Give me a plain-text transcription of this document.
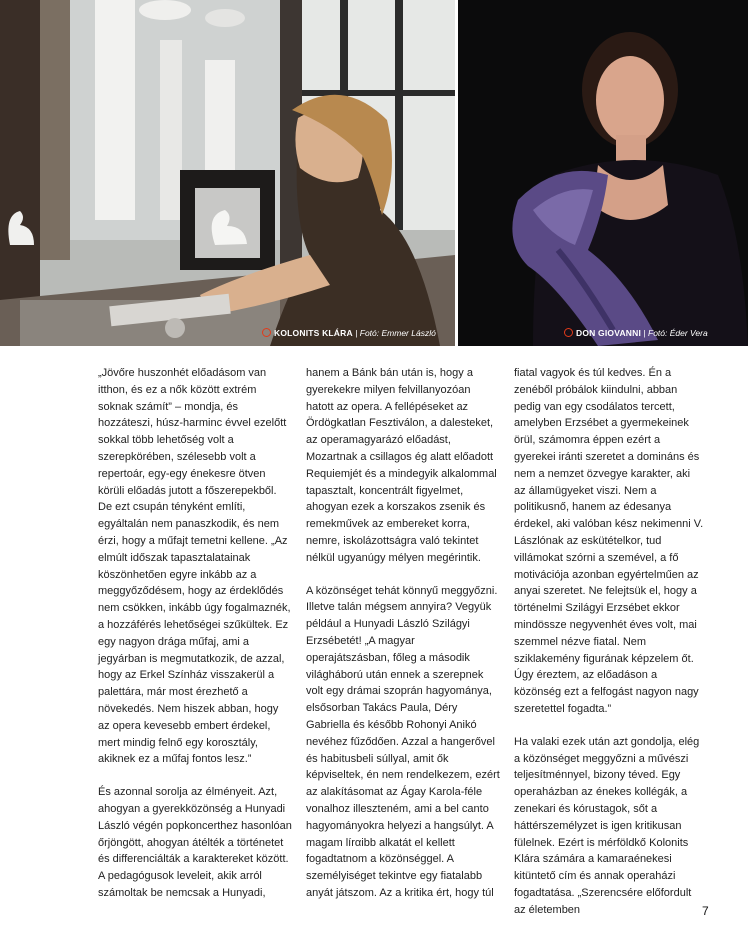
KOLONITS KLÁRA | Fotó: Emmer László	DON GIOVANNI | Fotó: Éder Vera

„Jövőre huszonhét előadásom van itthon, és ez a nők között extrém soknak számít” – mondja, és hozzáteszi, húsz-harminc évvel ezelőtt sokkal több lehetőség volt a szerepkörében, szélesebb volt a repertoár, egy-egy énekesre ötven körüli előadás jutott a főszerepekből. De ezt csupán tényként említi, egyáltalán nem panaszkodik, és nem érzi, hogy a műfajt temetni kellene. „Az elmúlt időszak tapasztalatainak köszönhetően egyre inkább az a meggyőződésem, hogy az érdeklődés nem csökken, inkább úgy fogalmaznék, a hozzáférés lehetőségei szűkültek. Ez egy nagyon drága műfaj, ami a jegyárban is megmutatkozik, de azzal, hogy az Erkel Színház visszakerül a palettára, már most érezhető a növekedés. Nem hiszek abban, hogy az opera kevesebb embert érdekel, mert mindig felnő egy korosztály, akiknek ez a műfaj fontos lesz.”

És azonnal sorolja az élményeit. Azt, ahogyan a gyerekközönség a Hunyadi László végén popkoncerthez hasonlóan őrjöngött, ahogyan átélték a történetet és differenciálták a karaktereket között. A pedagógusok leveleit, akik arról számoltak be nemcsak a Hunyadi,

hanem a Bánk bán után is, hogy a gyerekekre milyen felvillanyozóan hatott az opera. A fellépéseket az Ördögkatlan Fesztiválon, a dalesteket, az operamagyarázó előadást, Mozartnak a csillagos ég alatt előadott Requiemjét és a mindegyik alkalommal tapasztalt, koncentrált figyelmet, ahogyan ezek a korszakos zsenik és remekművek az embereket korra, nemre, iskolázottságra való tekintet nélkül ugyanúgy mélyen megérintik.

A közönséget tehát könnyű meggyőzni. Illetve talán mégsem annyira? Vegyük például a Hunyadi László Szilágyi Erzsébetét! „A magyar operajátszásban, főleg a második világháború után ennek a szerepnek volt egy drámai szoprán hagyománya, elsősorban Takács Paula, Déry Gabriella és később Rohonyi Anikó nevéhez fűződően. Azzal a hangerővel és habitusbeli súllyal, amit ők képviseltek, én nem rendelkezem, ezért az alakításomat az Ágay Karola-féle vonalhoz illeszteném, ami a bel canto hagyományokra helyezi a hangsúlyt. A magam lírαibb alkatát el kellett fogadtatnom a közönséggel. A személyiséget tekintve egy fiatalabb anyát játszom. Az a kritika ért, hogy túl

fiatal vagyok és túl kedves. Én a zenéből próbálok kiindulni, abban pedig van egy csodálatos tercett, amelyben Erzsébet a gyermekeinek örül, számomra éppen ezért a gyerekei iránti szeretet a domináns és nem a nemzet özvegye karakter, aki az államügyeket viszi. Nem a politikusnő, hanem az édesanya érdekel, aki valóban kész nekimenni V. Lászlónak az eskütételkor, tud villámokat szórni a szemével, a fő motivációja azonban egyértelműen az anyai szeretet. Ne felejtsük el, hogy a történelmi Szilágyi Erzsébet ekkor mindössze negyvenhét éves volt, mai szemmel nézve fiatal. Nem sziklakemény figurának képzelem őt. Úgy éreztem, az előadáson a közönség ezt a felfogást nagyon nagy szeretettel fogadta.”

Ha valaki ezek után azt gondolja, elég a közönséget meggyőzni a művészi teljesítménnyel, bizony téved. Egy operaházban az énekes kollégák, a zenekari és kórustagok, sőt a háttérszemélyzet is igen kritikusan fülelnek. Ezért is mérföldkő Kolonits Klára számára a kamaraénekesi kitüntető cím és annak operaházi fogadtatása. „Szerencsére előfordult az életemben	7
